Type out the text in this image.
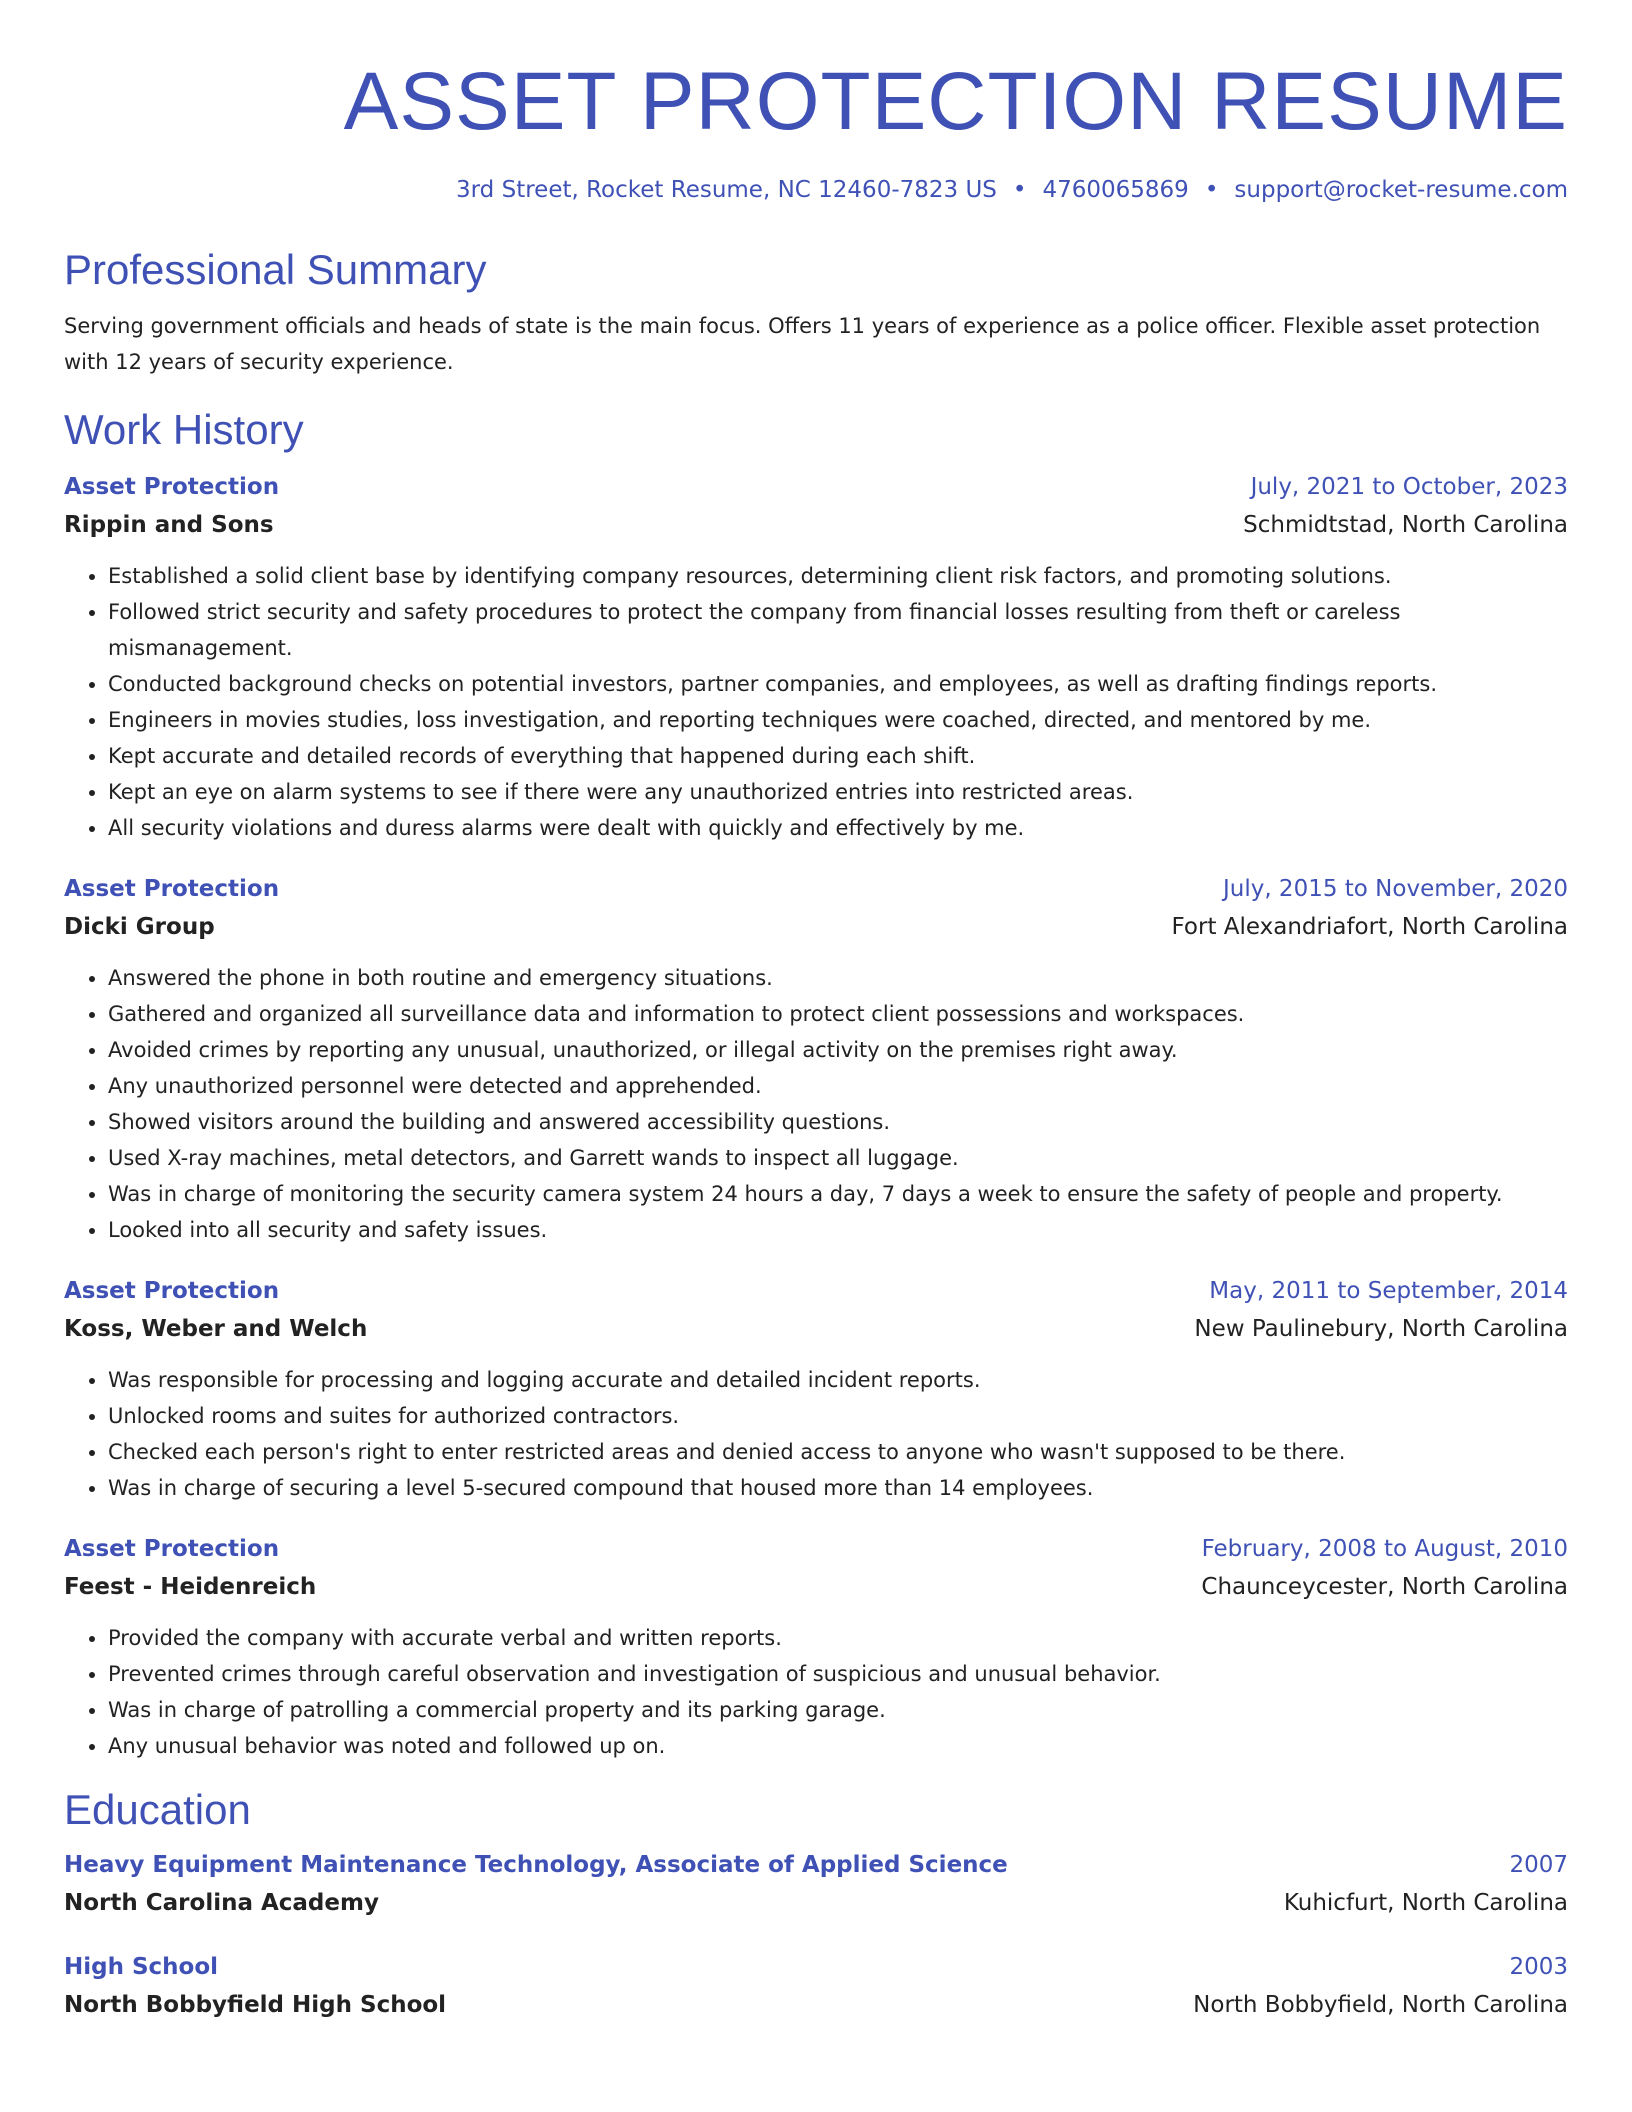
ASSET PROTECTION RESUME
3rd Street, Rocket Resume, NC 12460-7823 US • 4760065869 • support@rocket-resume.com
Professional Summary
Serving government officials and heads of state is the main focus. Offers 11 years of experience as a police officer. Flexible asset protection with 12 years of security experience.
Work History
Asset Protection	July, 2021 to October, 2023
Rippin and Sons	Schmidtstad, North Carolina
• Established a solid client base by identifying company resources, determining client risk factors, and promoting solutions.
• Followed strict security and safety procedures to protect the company from financial losses resulting from theft or careless mismanagement.
• Conducted background checks on potential investors, partner companies, and employees, as well as drafting findings reports.
• Engineers in movies studies, loss investigation, and reporting techniques were coached, directed, and mentored by me.
• Kept accurate and detailed records of everything that happened during each shift.
• Kept an eye on alarm systems to see if there were any unauthorized entries into restricted areas.
• All security violations and duress alarms were dealt with quickly and effectively by me.
Asset Protection	July, 2015 to November, 2020
Dicki Group	Fort Alexandriafort, North Carolina
• Answered the phone in both routine and emergency situations.
• Gathered and organized all surveillance data and information to protect client possessions and workspaces.
• Avoided crimes by reporting any unusual, unauthorized, or illegal activity on the premises right away.
• Any unauthorized personnel were detected and apprehended.
• Showed visitors around the building and answered accessibility questions.
• Used X-ray machines, metal detectors, and Garrett wands to inspect all luggage.
• Was in charge of monitoring the security camera system 24 hours a day, 7 days a week to ensure the safety of people and property.
• Looked into all security and safety issues.
Asset Protection	May, 2011 to September, 2014
Koss, Weber and Welch	New Paulinebury, North Carolina
• Was responsible for processing and logging accurate and detailed incident reports.
• Unlocked rooms and suites for authorized contractors.
• Checked each person's right to enter restricted areas and denied access to anyone who wasn't supposed to be there.
• Was in charge of securing a level 5-secured compound that housed more than 14 employees.
Asset Protection	February, 2008 to August, 2010
Feest - Heidenreich	Chaunceycester, North Carolina
• Provided the company with accurate verbal and written reports.
• Prevented crimes through careful observation and investigation of suspicious and unusual behavior.
• Was in charge of patrolling a commercial property and its parking garage.
• Any unusual behavior was noted and followed up on.
Education
Heavy Equipment Maintenance Technology, Associate of Applied Science	2007
North Carolina Academy	Kuhicfurt, North Carolina
High School	2003
North Bobbyfield High School	North Bobbyfield, North Carolina
